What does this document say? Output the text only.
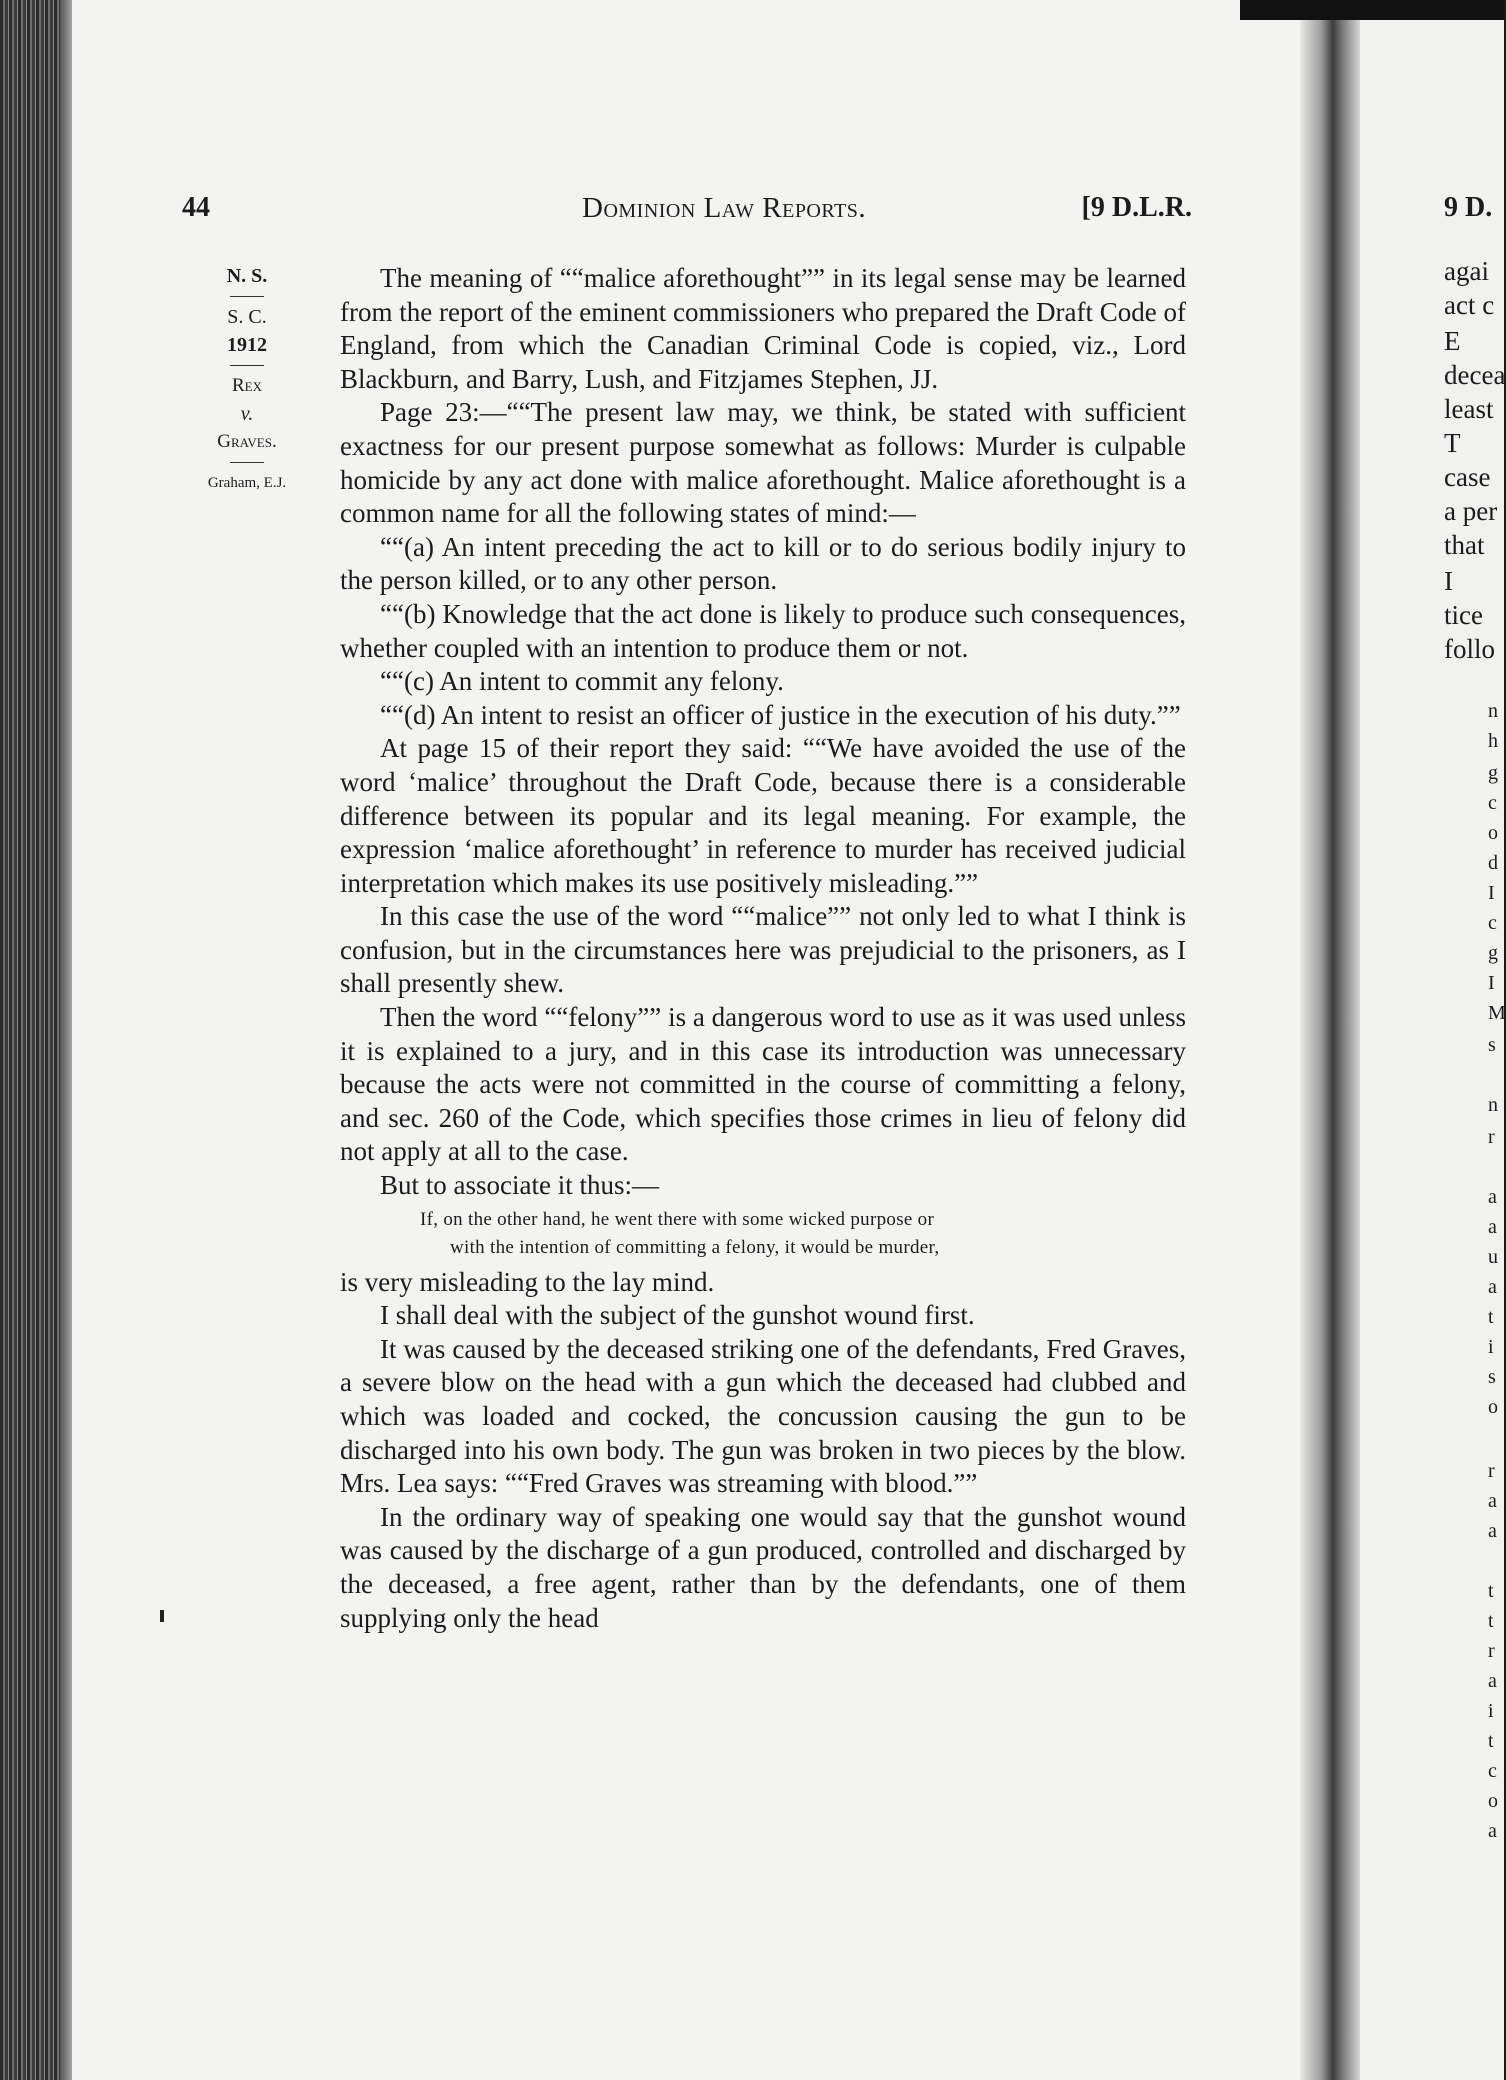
44	Dominion Law Reports.	[9 D.L.R.
N. S.
S. C.
1912
Rex
v.
Graves.
Graham, E.J.

The meaning of ““malice aforethought”” in its legal sense may be learned from the report of the eminent commissioners who prepared the Draft Code of England, from which the Canadian Criminal Code is copied, viz., Lord Blackburn, and Barry, Lush, and Fitzjames Stephen, JJ.

Page 23:—““The present law may, we think, be stated with sufficient exactness for our present purpose somewhat as follows: Murder is culpable homicide by any act done with malice aforethought. Malice aforethought is a common name for all the following states of mind:—

““(a) An intent preceding the act to kill or to do serious bodily injury to the person killed, or to any other person.

““(b) Knowledge that the act done is likely to produce such consequences, whether coupled with an intention to produce them or not.

““(c) An intent to commit any felony.

““(d) An intent to resist an officer of justice in the execution of his duty.””

At page 15 of their report they said: ““We have avoided the use of the word ‘malice’ throughout the Draft Code, because there is a considerable difference between its popular and its legal meaning. For example, the expression ‘malice aforethought’ in reference to murder has received judicial interpretation which makes its use positively misleading.””

In this case the use of the word ““malice”” not only led to what I think is confusion, but in the circumstances here was prejudicial to the prisoners, as I shall presently shew.

Then the word ““felony”” is a dangerous word to use as it was used unless it is explained to a jury, and in this case its introduction was unnecessary because the acts were not committed in the course of committing a felony, and sec. 260 of the Code, which specifies those crimes in lieu of felony did not apply at all to the case.

But to associate it thus:—

If, on the other hand, he went there with some wicked purpose or
with the intention of committing a felony, it would be murder,

is very misleading to the lay mind.

I shall deal with the subject of the gunshot wound first.

It was caused by the deceased striking one of the defendants, Fred Graves, a severe blow on the head with a gun which the deceased had clubbed and which was loaded and cocked, the concussion causing the gun to be discharged into his own body. The gun was broken in two pieces by the blow. Mrs. Lea says: ““Fred Graves was streaming with blood.””

In the ordinary way of speaking one would say that the gunshot wound was caused by the discharge of a gun produced, controlled and discharged by the deceased, a free agent, rather than by the defendants, one of them supplying only the head

9 D.
agai
act c
E
decea
least
T
case
a per
that
I
tice
follo
n
h
g
c
o
d
I
c
g
I
M
s
n
r
a
a
u
a
t
i
s
o
r
a
a
t
t
r
a
i
t
c
o
a
